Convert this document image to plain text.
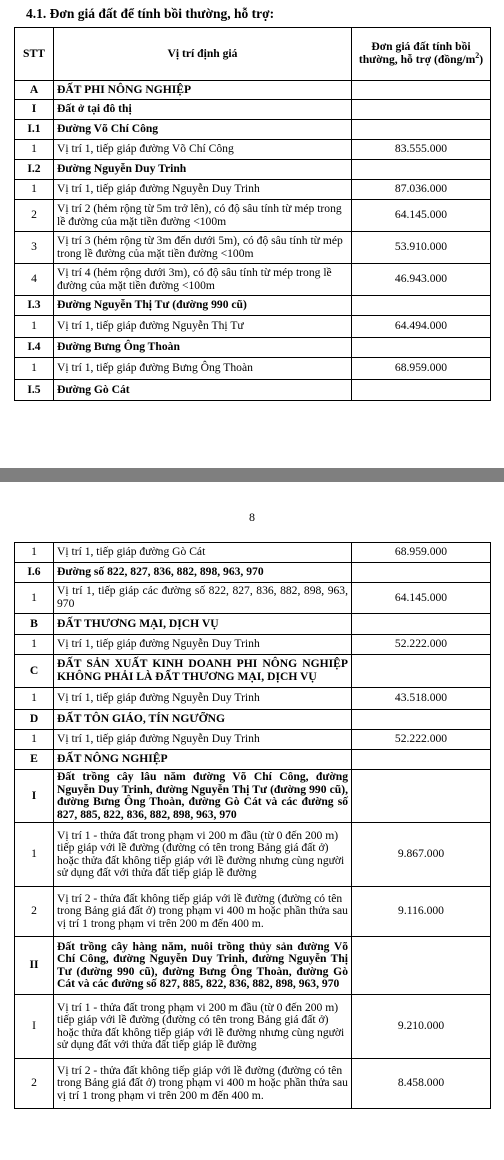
4.1. Đơn giá đất để tính bồi thường, hỗ trợ:
STT	Vị trí định giá	Đơn giá đất tính bồi thường, hỗ trợ $(đồng/m^2)$
A	ĐẤT PHI NÔNG NGHIỆP	
I	Đất ở tại đô thị	
I.1	Đường Võ Chí Công	
1	Vị trí 1, tiếp giáp đường Võ Chí Công	83.555.000
I.2	Đường Nguyễn Duy Trinh	
1	Vị trí 1, tiếp giáp đường Nguyễn Duy Trinh	87.036.000
2	Vị trí 2 (hẻm rộng từ 5m trở lên), có độ sâu tính từ mép trong lề đường của mặt tiền đường <100m	64.145.000
3	Vị trí 3 (hẻm rộng từ 3m đến dưới 5m), có độ sâu tính từ mép trong lề đường của mặt tiền đường <100m	53.910.000
4	Vị trí 4 (hẻm rộng dưới 3m), có độ sâu tính từ mép trong lề đường của mặt tiền đường <100m	46.943.000
I.3	Đường Nguyễn Thị Tư (đường 990 cũ)	
1	Vị trí 1, tiếp giáp đường Nguyễn Thị Tư	64.494.000
I.4	Đường Bưng Ông Thoàn	
1	Vị trí 1, tiếp giáp đường Bưng Ông Thoàn	68.959.000
I.5	Đường Gò Cát	
8
1	Vị trí 1, tiếp giáp đường Gò Cát	68.959.000
I.6	Đường số 822, 827, 836, 882, 898, 963, 970	
1	Vị trí 1, tiếp giáp các đường số 822, 827, 836, 882, 898, 963, 970	64.145.000
B	ĐẤT THƯƠNG MẠI, DỊCH VỤ	
1	Vị trí 1, tiếp giáp đường Nguyễn Duy Trinh	52.222.000
C	ĐẤT SẢN XUẤT KINH DOANH PHI NÔNG NGHIỆP KHÔNG PHẢI LÀ ĐẤT THƯƠNG MẠI, DỊCH VỤ	
1	Vị trí 1, tiếp giáp đường Nguyễn Duy Trinh	43.518.000
D	ĐẤT TÔN GIÁO, TÍN NGƯỠNG	
1	Vị trí 1, tiếp giáp đường Nguyễn Duy Trinh	52.222.000
E	ĐẤT NÔNG NGHIỆP	
I	Đất trồng cây lâu năm đường Võ Chí Công, đường Nguyễn Duy Trinh, đường Nguyễn Thị Tư (đường 990 cũ), đường Bưng Ông Thoàn, đường Gò Cát và các đường số 827, 885, 822, 836, 882, 898, 963, 970	
1	Vị trí 1 - thửa đất trong phạm vi 200 m đầu (từ 0 đến 200 m) tiếp giáp với lề đường (đường có tên trong Bảng giá đất ở) hoặc thửa đất không tiếp giáp với lề đường nhưng cùng người sử dụng đất với thửa đất tiếp giáp lề đường	9.867.000
2	Vị trí 2 - thửa đất không tiếp giáp với lề đường (đường có tên trong Bảng giá đất ở) trong phạm vi 400 m hoặc phần thửa sau vị trí 1 trong phạm vi trên 200 m đến 400 m.	9.116.000
II	Đất trồng cây hàng năm, nuôi trồng thủy sản đường Võ Chí Công, đường Nguyễn Duy Trinh, đường Nguyễn Thị Tư (đường 990 cũ), đường Bưng Ông Thoàn, đường Gò Cát và các đường số 827, 885, 822, 836, 882, 898, 963, 970	
I	Vị trí 1 - thửa đất trong phạm vi 200 m đầu (từ 0 đến 200 m) tiếp giáp với lề đường (đường có tên trong Bảng giá đất ở) hoặc thửa đất không tiếp giáp với lề đường nhưng cùng người sử dụng đất với thửa đất tiếp giáp lề đường	9.210.000
2	Vị trí 2 - thửa đất không tiếp giáp với lề đường (đường có tên trong Bảng giá đất ở) trong phạm vi 400 m hoặc phần thửa sau vị trí 1 trong phạm vi trên 200 m đến 400 m.	8.458.000
